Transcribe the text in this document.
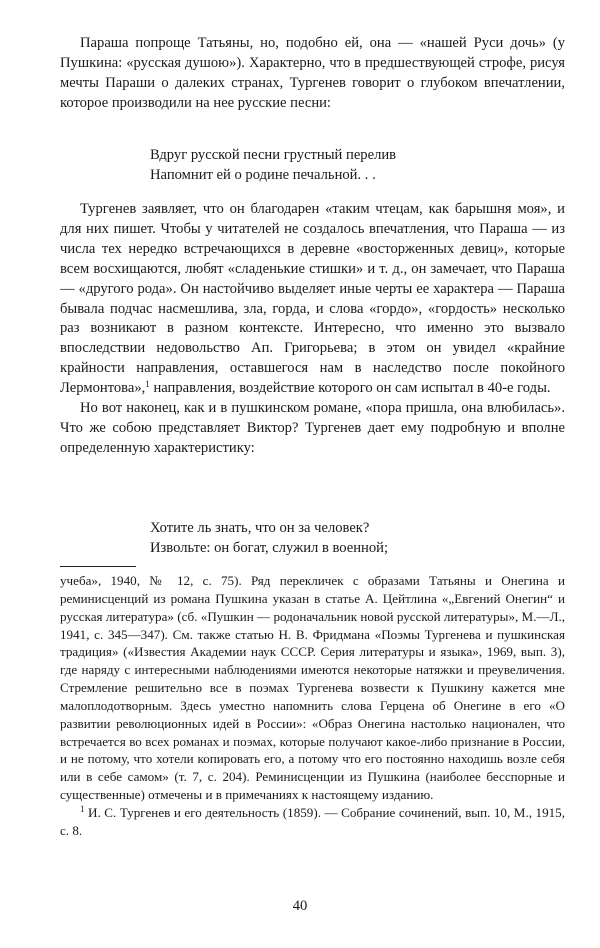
Параша попроще Татьяны, но, подобно ей, она — «нашей Руси дочь» (у Пушкина: «русская душою»). Характерно, что в предшествующей строфе, рисуя мечты Параши о далеких странах, Тургенев говорит о глубоком впечатлении, которое производили на нее русские песни:

Вдруг русской песни грустный перелив
Напомнит ей о родине печальной. . .

Тургенев заявляет, что он благодарен «таким чтецам, как барышня моя», и для них пишет. Чтобы у читателей не создалось впечатления, что Параша — из числа тех нередко встречающихся в деревне «восторженных девиц», которые всем восхищаются, любят «сладенькие стишки» и т. д., он замечает, что Параша — «другого рода». Он настойчиво выделяет иные черты ее характера — Параша бывала подчас насмешлива, зла, горда, и слова «гордо», «гордость» несколько раз возникают в разном контексте. Интересно, что именно это вызвало впоследствии недовольство Ап. Григорьева; в этом он увидел «крайние крайности направления, оставшегося нам в наследство после покойного Лермонтова»,$^1$ направления, воздействие которого он сам испытал в 40-е годы.

Но вот наконец, как и в пушкинском романе, «пора пришла, она влюбилась». Что же собою представляет Виктор? Тургенев дает ему подробную и вполне определенную характеристику:

Хотите ль знать, что он за человек?
Извольте: он богат, служил в военной;

учеба», 1940, № 12, с. 75). Ряд перекличек с образами Татьяны и Онегина и реминисценций из романа Пушкина указан в статье А. Цейтлина «„Евгений Онегин“ и русская литература» (сб. «Пушкин — родоначальник новой русской литературы», М.—Л., 1941, с. 345—347). См. также статью Н. В. Фридмана «Поэмы Тургенева и пушкинская традиция» («Известия Академии наук СССР. Серия литературы и языка», 1969, вып. 3), где наряду с интересными наблюдениями имеются некоторые натяжки и преувеличения. Стремление решительно все в поэмах Тургенева возвести к Пушкину кажется мне малоплодотворным. Здесь уместно напомнить слова Герцена об Онегине в его «О развитии революционных идей в России»: «Образ Онегина настолько национален, что встречается во всех романах и поэмах, которые получают какое-либо признание в России, и не потому, что хотели копировать его, а потому что его постоянно находишь возле себя или в себе самом» (т. 7, с. 204). Реминисценции из Пушкина (наиболее бесспорные и существенные) отмечены и в примечаниях к настоящему изданию.

$^1$ И. С. Тургенев и его деятельность (1859). — Собрание сочинений, вып. 10, М., 1915, с. 8.

40
